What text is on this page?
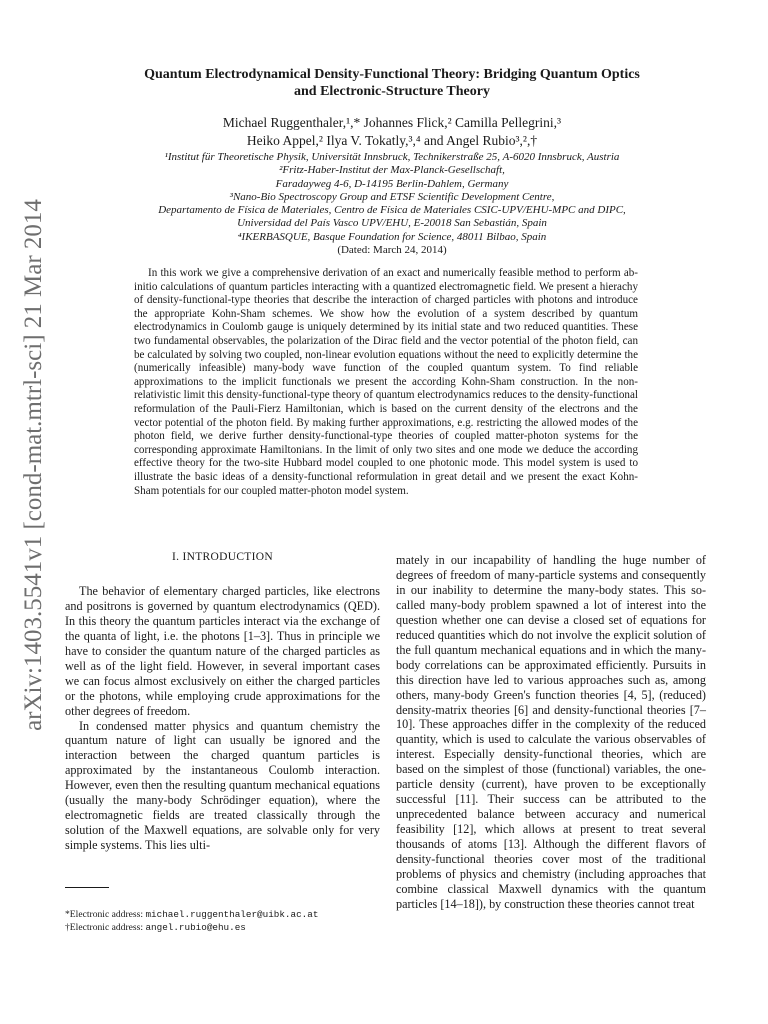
arXiv:1403.5541v1 [cond-mat.mtrl-sci] 21 Mar 2014
Quantum Electrodynamical Density-Functional Theory: Bridging Quantum Optics
and Electronic-Structure Theory
Michael Ruggenthaler,¹,* Johannes Flick,² Camilla Pellegrini,³
Heiko Appel,² Ilya V. Tokatly,³,⁴ and Angel Rubio³,²,†
¹Institut für Theoretische Physik, Universität Innsbruck, Technikerstraße 25, A-6020 Innsbruck, Austria
²Fritz-Haber-Institut der Max-Planck-Gesellschaft,
Faradayweg 4-6, D-14195 Berlin-Dahlem, Germany
³Nano-Bio Spectroscopy Group and ETSF Scientific Development Centre,
Departamento de Física de Materiales, Centro de Física de Materiales CSIC-UPV/EHU-MPC and DIPC,
Universidad del País Vasco UPV/EHU, E-20018 San Sebastián, Spain
⁴IKERBASQUE, Basque Foundation for Science, 48011 Bilbao, Spain
(Dated: March 24, 2014)

In this work we give a comprehensive derivation of an exact and numerically feasible method to perform ab-initio calculations of quantum particles interacting with a quantized electromagnetic field. We present a hierachy of density-functional-type theories that describe the interaction of charged particles with photons and introduce the appropriate Kohn-Sham schemes. We show how the evolution of a system described by quantum electrodynamics in Coulomb gauge is uniquely determined by its initial state and two reduced quantities. These two fundamental observables, the polarization of the Dirac field and the vector potential of the photon field, can be calculated by solving two coupled, non-linear evolution equations without the need to explicitly determine the (numerically infeasible) many-body wave function of the coupled quantum system. To find reliable approximations to the implicit functionals we present the according Kohn-Sham construction. In the non-relativistic limit this density-functional-type theory of quantum electrodynamics reduces to the density-functional reformulation of the Pauli-Fierz Hamiltonian, which is based on the current density of the electrons and the vector potential of the photon field. By making further approximations, e.g. restricting the allowed modes of the photon field, we derive further density-functional-type theories of coupled matter-photon systems for the corresponding approximate Hamiltonians. In the limit of only two sites and one mode we deduce the according effective theory for the two-site Hubbard model coupled to one photonic mode. This model system is used to illustrate the basic ideas of a density-functional reformulation in great detail and we present the exact Kohn-Sham potentials for our coupled matter-photon model system.

I. INTRODUCTION

The behavior of elementary charged particles, like electrons and positrons is governed by quantum electrodynamics (QED). In this theory the quantum particles interact via the exchange of the quanta of light, i.e. the photons [1–3]. Thus in principle we have to consider the quantum nature of the charged particles as well as of the light field. However, in several important cases we can focus almost exclusively on either the charged particles or the photons, while employing crude approximations for the other degrees of freedom.

In condensed matter physics and quantum chemistry the quantum nature of light can usually be ignored and the interaction between the charged quantum particles is approximated by the instantaneous Coulomb interaction. However, even then the resulting quantum mechanical equations (usually the many-body Schrödinger equation), where the electromagnetic fields are treated classically through the solution of the Maxwell equations, are solvable only for very simple systems. This lies ulti-

mately in our incapability of handling the huge number of degrees of freedom of many-particle systems and consequently in our inability to determine the many-body states. This so-called many-body problem spawned a lot of interest into the question whether one can devise a closed set of equations for reduced quantities which do not involve the explicit solution of the full quantum mechanical equations and in which the many-body correlations can be approximated efficiently. Pursuits in this direction have led to various approaches such as, among others, many-body Green's function theories [4, 5], (reduced) density-matrix theories [6] and density-functional theories [7–10]. These approaches differ in the complexity of the reduced quantity, which is used to calculate the various observables of interest. Especially density-functional theories, which are based on the simplest of those (functional) variables, the one-particle density (current), have proven to be exceptionally successful [11]. Their success can be attributed to the unprecedented balance between accuracy and numerical feasibility [12], which allows at present to treat several thousands of atoms [13]. Although the different flavors of density-functional theories cover most of the traditional problems of physics and chemistry (including approaches that combine classical Maxwell dynamics with the quantum particles [14–18]), by construction these theories cannot treat

*Electronic address: michael.ruggenthaler@uibk.ac.at
†Electronic address: angel.rubio@ehu.es
